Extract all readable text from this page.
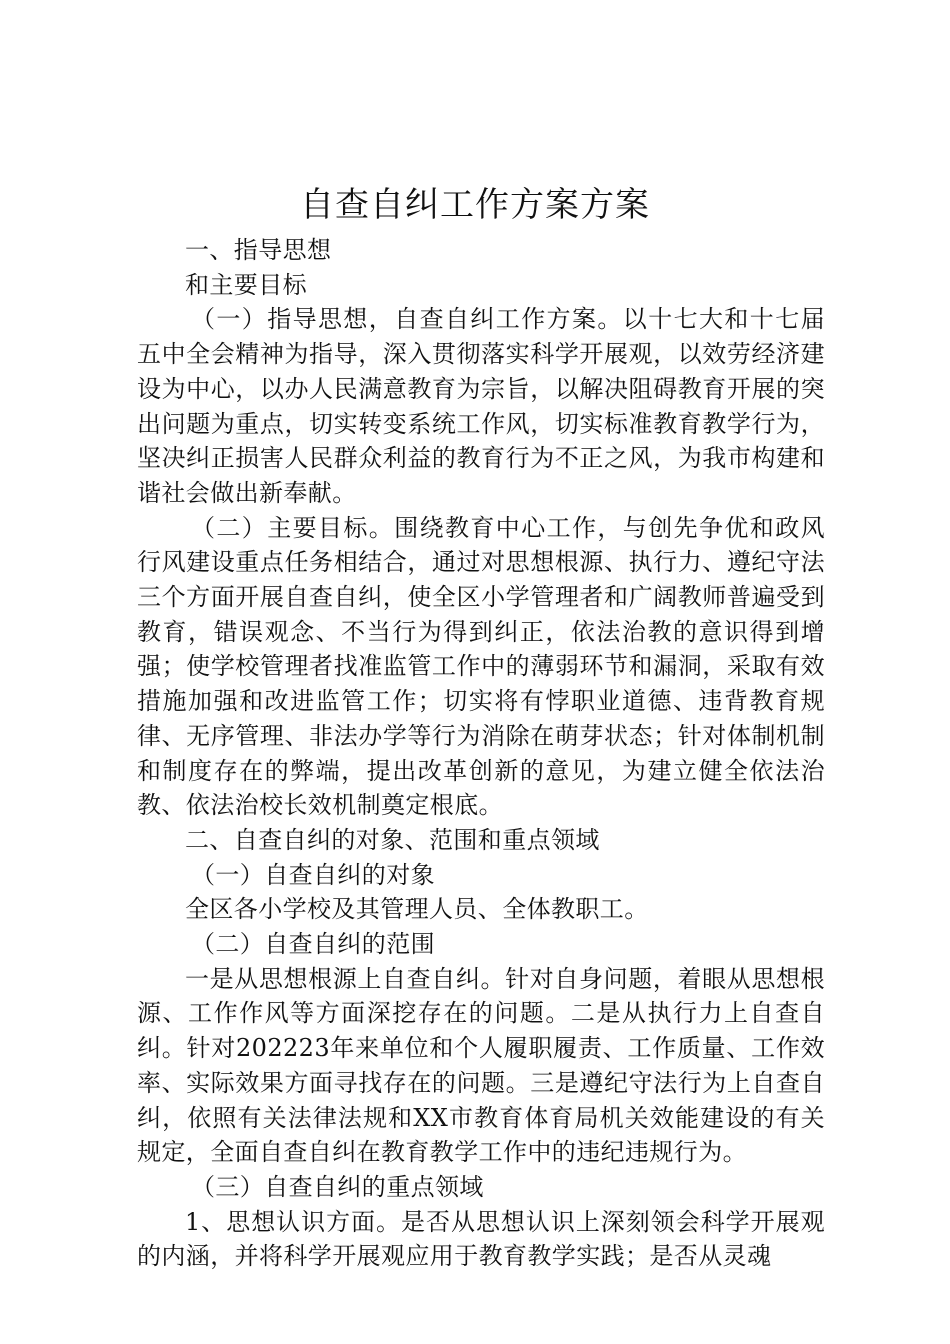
自查自纠工作方案方案

一、指导思想

和主要目标

（一）指导思想，自查自纠工作方案。以十七大和十七届五中全会精神为指导，深入贯彻落实科学开展观，以效劳经济建设为中心，以办人民满意教育为宗旨，以解决阻碍教育开展的突出问题为重点，切实转变系统工作风，切实标准教育教学行为，坚决纠正损害人民群众利益的教育行为不正之风，为我市构建和谐社会做出新奉献。

（二）主要目标。围绕教育中心工作，与创先争优和政风行风建设重点任务相结合，通过对思想根源、执行力、遵纪守法三个方面开展自查自纠，使全区小学管理者和广阔教师普遍受到教育，错误观念、不当行为得到纠正，依法治教的意识得到增强；使学校管理者找准监管工作中的薄弱环节和漏洞，采取有效措施加强和改进监管工作；切实将有悖职业道德、违背教育规律、无序管理、非法办学等行为消除在萌芽状态；针对体制机制和制度存在的弊端，提出改革创新的意见，为建立健全依法治教、依法治校长效机制奠定根底。

二、自查自纠的对象、范围和重点领域

（一）自查自纠的对象

全区各小学校及其管理人员、全体教职工。

（二）自查自纠的范围

一是从思想根源上自查自纠。针对自身问题，着眼从思想根源、工作作风等方面深挖存在的问题。二是从执行力上自查自纠。针对202223年来单位和个人履职履责、工作质量、工作效率、实际效果方面寻找存在的问题。三是遵纪守法行为上自查自纠，依照有关法律法规和XX市教育体育局机关效能建设的有关规定，全面自查自纠在教育教学工作中的违纪违规行为。

（三）自查自纠的重点领域

1、思想认识方面。是否从思想认识上深刻领会科学开展观的内涵，并将科学开展观应用于教育教学实践；是否从灵魂
